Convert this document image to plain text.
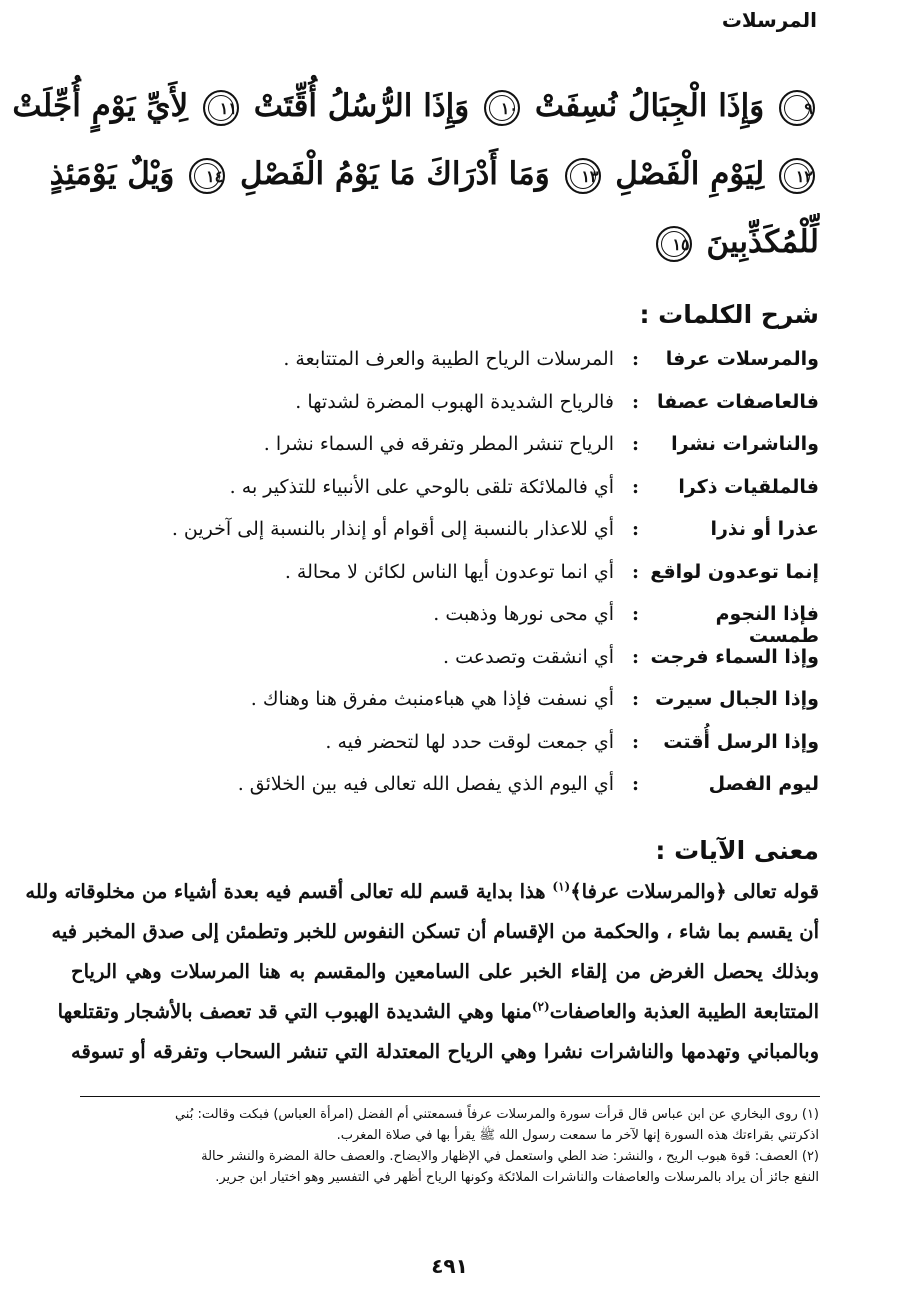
المرسلات
٩ وَإِذَا الْجِبَالُ نُسِفَتْ ١٠ وَإِذَا الرُّسُلُ أُقِّتَتْ ١١ لِأَيِّ يَوْمٍ أُجِّلَتْ
١٢ لِيَوْمِ الْفَصْلِ ١٣ وَمَا أَدْرَاكَ مَا يَوْمُ الْفَصْلِ ١٤ وَيْلٌ يَوْمَئِذٍ
لِّلْمُكَذِّبِينَ ١٥
شرح الكلمات :
والمرسلات عرفا
:
المرسلات الرياح الطيبة والعرف المتتابعة .
فالعاصفات عصفا
:
فالرياح الشديدة الهبوب المضرة لشدتها .
والناشرات نشرا
:
الرياح تنشر المطر وتفرقه في السماء نشرا .
فالملقيات ذكرا
:
أي فالملائكة تلقى بالوحي على الأنبياء للتذكير به .
عذرا أو نذرا
:
أي للاعذار بالنسبة إلى أقوام أو إنذار بالنسبة إلى آخرين .
إنما توعدون لواقع
:
أي انما توعدون أيها الناس لكائن لا محالة .
فإذا النجوم طمست
:
أي محى نورها وذهبت .
وإذا السماء فرجت
:
أي انشقت وتصدعت .
وإذا الجبال سيرت
:
أي نسفت فإذا هي هباءمنبث مفرق هنا وهناك .
وإذا الرسل أُقتت
:
أي جمعت لوقت حدد لها لتحضر فيه .
ليوم الفصل
:
أي اليوم الذي يفصل الله تعالى فيه بين الخلائق .
معنى الآيات :

قوله تعالى ﴿والمرسلات عرفا﴾$^{(١)}$ هذا بداية قسم لله تعالى أقسم فيه بعدة أشياء من مخلوقاته ولله

أن يقسم بما شاء ، والحكمة من الإقسام أن تسكن النفوس للخبر وتطمئن إلى صدق المخبر فيه

وبذلك يحصل الغرض من إلقاء الخبر على السامعين والمقسم به هنا المرسلات وهي الرياح

المتتابعة الطيبة العذبة والعاصفات$^{(٢)}$منها وهي الشديدة الهبوب التي قد تعصف بالأشجار وتقتلعها

وبالمباني وتهدمها والناشرات نشرا وهي الرياح المعتدلة التي تنشر السحاب وتفرقه أو تسوقه

(١) روى البخاري عن ابن عباس قال قرأت سورة والمرسلات عرفاً فسمعتني أم الفضل (امرأة العباس) فبكت وقالت: بُني

اذكرتني بقراءتك هذه السورة إنها لآخر ما سمعت رسول الله ﷺ يقرأ بها في صلاة المغرب.

(٢) العصف: قوة هبوب الريح ، والنشر: ضد الطي واستعمل في الإظهار والايضاح. والعصف حالة المضرة والنشر حالة

النفع جائز أن يراد بالمرسلات والعاصفات والناشرات الملائكة وكونها الرياح أظهر في التفسير وهو اختيار ابن جرير.

٤٩١
